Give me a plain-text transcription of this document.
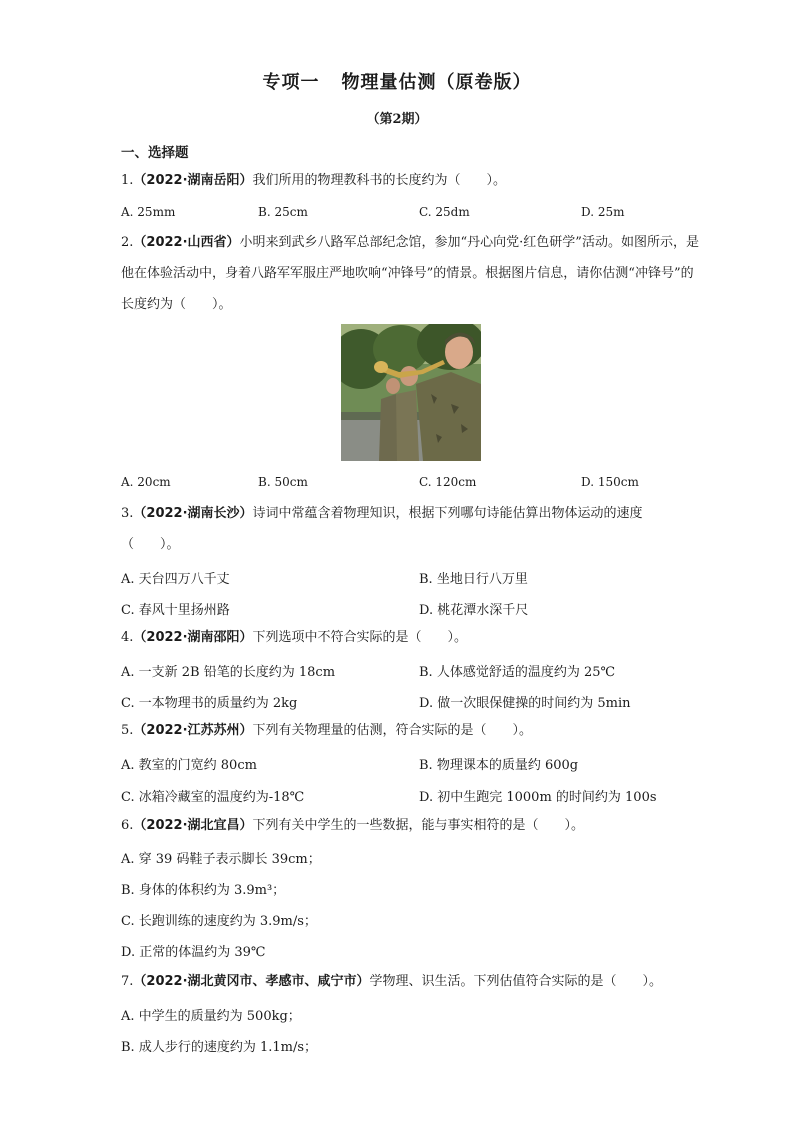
专项一 物理量估测（原卷版）
（第2期）
一、选择题
1.（2022·湖南岳阳）我们所用的物理教科书的长度约为（　　）。
A. 25mm	B. 25cm	C. 25dm	D. 25m
2.（2022·山西省）小明来到武乡八路军总部纪念馆，参加“丹心向党·红色研学”活动。如图所示，是他在体验活动中，身着八路军军服庄严地吹响“冲锋号”的情景。根据图片信息，请你估测“冲锋号”的长度约为（　　）。
A. 20cm	B. 50cm	C. 120cm	D. 150cm
3.（2022·湖南长沙）诗词中常蕴含着物理知识，根据下列哪句诗能估算出物体运动的速度（　　）。
A. 天台四万八千丈	B. 坐地日行八万里
C. 春风十里扬州路	D. 桃花潭水深千尺
4.（2022·湖南邵阳）下列选项中不符合实际的是（　　）。
A. 一支新 2B 铅笔的长度约为 18cm	B. 人体感觉舒适的温度约为 25℃
C. 一本物理书的质量约为 2kg	D. 做一次眼保健操的时间约为 5min
5.（2022·江苏苏州）下列有关物理量的估测，符合实际的是（　　）。
A. 教室的门宽约 80cm	B. 物理课本的质量约 600g
C. 冰箱冷藏室的温度约为-18℃	D. 初中生跑完 1000m 的时间约为 100s
6.（2022·湖北宜昌）下列有关中学生的一些数据，能与事实相符的是（　　）。
A. 穿 39 码鞋子表示脚长 39cm；
B. 身体的体积约为 3.9m³；
C. 长跑训练的速度约为 3.9m/s；
D. 正常的体温约为 39℃
7.（2022·湖北黄冈市、孝感市、咸宁市）学物理、识生活。下列估值符合实际的是（　　）。
A. 中学生的质量约为 500kg；
B. 成人步行的速度约为 1.1m/s；
